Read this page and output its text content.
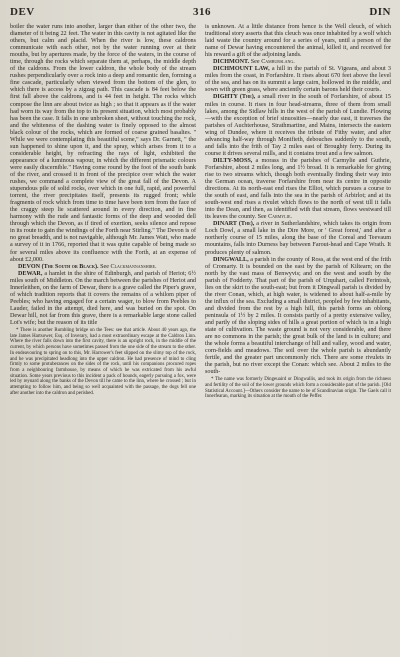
DEV	316	DIN

boiler the water runs into another, larger than either of the other two, the diameter of it being 22 feet. The water in this cavity is not agitated like the others, but calm and placid. When the river is low, these caldrons communicate with each other, not by the water running over at their mouths, but by apertures made, by the force of the waters, in the course of time, through the rocks which separate them at, perhaps, the middle depth of the caldrons. From the lower caldron, the whole body of the stream rushes perpendicularly over a rock into a deep and romantic den, forming a fine cascade, particularly when viewed from the bottom of the glen, to which there is access by a zigzag path. This cascade is 84 feet below the first fall above the caldrons, and is 44 feet in height. The rocks which compose the linn are about twice as high ; so that it appears as if the water had worn its way from the top to its present situation, which most probably has been the case. It falls in one unbroken sheet, without touching the rock, and the whiteness of the dashing water is finely opposed to the almost black colour of the rocks, which are formed of coarse grained basaltes. " While we were contemplating this beautiful scene," says Dr. Garnett, " the sun happened to shine upon it, and the spray, which arises from it to a considerable height, by refracting the rays of light, exhibited the appearance of a luminous vapour, in which the different prismatic colours were easily discernible." Having come round by the foot of the south bank of the river, and crossed it in front of the precipice over which the water rushes, we command a complete view of the great fall of the Devon. A stupendous pile of solid rocks, over which in one full, rapid, and powerful torrent, the river precipitates itself, presents its rugged front; while fragments of rock which from time to time have been torn from the face of the craggy steep lie scattered around in every direction, and in fine harmony with the rude and fantastic forms of the deep and wooded dell through which the Devon, as if tired of exertion, seeks silence and repose in its route to gain the windings of the Forth near Stirling." The Devon is of no great breadth, and is not navigable, although Mr. James Watt, who made a survey of it in 1766, reported that it was quite capable of being made so for several miles above its confluence with the Forth, at an expense of about £2,000.

DEVON (The South or Black). See Clackmannanshire.

DEWAR, a hamlet in the shire of Edinburgh, and parish of Heriot; 6½ miles south of Middleton. On the march between the parishes of Heriot and Innerleithen, on the farm of Dewar, there is a grave called the Piper's grave, of which tradition reports that it covers the remains of a whilom piper of Peebles; who having engaged for a certain wager, to blow from Peebles to Lauder, failed in the attempt, died here, and was buried on the spot. On Dewar hill, not far from this grave, there is a remarkable large stone called Lot's wife; but the reason of its title

* There is another Rumbling bridge on the Tees: see that article. About 40 years ago, the late James Hartsower, Esq. of Inverary, had a most extraordinary escape at the Caldron Linn. Where the river falls down into the first cavity, there is an upright rock, in the middle of the current, by which persons have sometimes passed from the one side of the stream to the other. In endeavouring to spring on to this, Mr. Harrower's feet slipped on the slimy top of the rock, and he was precipitated headlong into the upper caldron. He had presence of mind to cling firmly to some protuberances on the sides of the rock, until his companions procured ropes from a neighbouring farmhouse, by means of which he was extricated from his awful situation. Some years previous to this incident a pack of hounds, eagerly pursuing a fox, were led by reynard along the banks of the Devon till he came to the linn, where he crossed ; but in attempting to follow him, and being so well acquainted with the passage, the dogs fell one after another into the caldron and perished.

is unknown. At a little distance from hence is the Well cleuch, of which traditional story asserts that this cleuch was once inhabited by a wolf which laid waste the country around for a series of years, until a person of the name of Dewar having encountered the animal, killed it, and received for his reward a gift of the adjoining lands.

DICHMONT. See Camburslang.

DICHMOUNT LAW, a hill in the parish of St. Vigeans, and about 3 miles from the coast, in Forfarshire. It rises about 670 feet above the level of the sea, and has on its summit a large cairn, hollowed in the middle, and sown with green grass, where anciently certain barons held their courts.

DIGHTY (The), a small river in the south of Forfarshire, of about 15 miles in course. It rises in four head-streams, three of them from small lakes, among the Sidlaw hills in the west of the parish of Lundie. Flowing—with the exception of brief sinuosities—nearly due east, it traverses the parishes of Auchterhouse, Strathmartine, and Mains, intersects the eastern wing of Dundee, where it receives the tribute of Fithy water, and after advancing half-way through Monifieth, debouches suddenly to the south, and falls into the frith of Tay 2 miles east of Broughty ferry. During its course it drives several mills, and it contains trout and a few salmon.

DILTY-MOSS, a morass in the parishes of Carmylie and Guthrie, Forfarshire, about 2 miles long, and 1½ broad. It is remarkable for giving rise to two streams which, though both eventually finding their way into the German ocean, traverse Forfarshire from near its centre in opposite directions. At its north-east end rises the Elliot, which pursues a course to the south of east, and falls into the sea in the parish of Arbirlot; and at its south-west end rises a rivulet which flows to the north of west till it falls into the Dean, and then, as identified with that stream, flows westward till its leaves the county. See Carmylie.

DINART (The), a river in Sutherlandshire, which takes its origin from Loch Dowl, a small lake in the Dire More, or ' Great forest,' and after a northerly course of 15 miles, along the base of the Coreal and Teevaum mountains, falls into Durness bay between Farout-head and Cape Wrath. It produces plenty of salmon.

DINGWALL, a parish in the county of Ross, at the west end of the frith of Cromarty. It is bounded on the east by the parish of Kiltearn; on the north by the vast mass of Benwyvis; and on the west and south by the parish of Fodderty. That part of the parish of Urquhart, called Ferintosh, lies on the skirt to the south-east; but from it Dingwall parish is divided by the river Conan, which, at high water, is widened to about half-a-mile by the influx of the sea. Excluding a small district, peopled by few inhabitants, and divided from the rest by a high hill, this parish forms an oblong peninsula of 1½ by 2 miles. It consists partly of a pretty extensive valley, and partly of the sloping sides of hills a great portion of which is in a high state of cultivation. The waste ground is not very considerable, and there are no commons in the parish; the great bulk of the land is in culture; and the whole forms a beautiful interchange of hill and valley, wood and water, corn-fields and meadows. The soil over the whole parish is abundantly fertile, and the greater part uncommonly rich. There are some rivulets in the parish, but no river except the Conan: which see. About 2 miles to the south-

* The name was formerly Dingeuaird or Dingwallis, and took its origin from the richness and fertility of the soil of the lower grounds which form a considerable part of the parish. [Old Statistical Account.]—Others consider the name to be of Scandinavian origin. The Gaels call it Innerfearan, marking its situation at the mouth of the Peffer.
